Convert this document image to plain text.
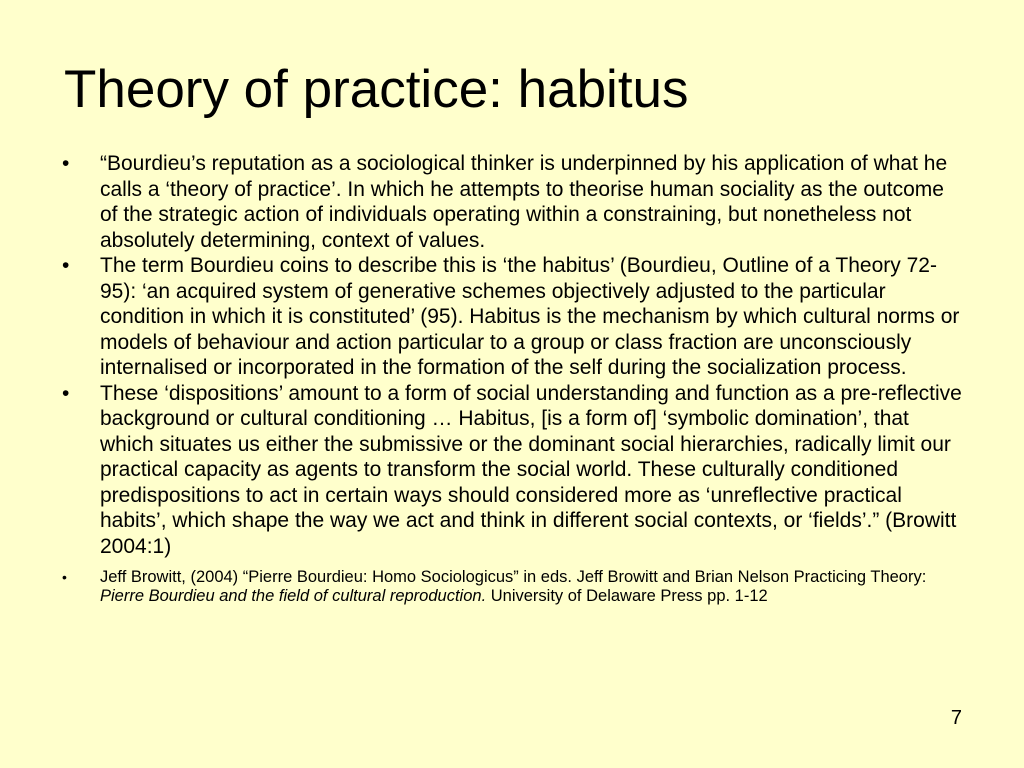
Theory of practice: habitus
• “Bourdieu’s reputation as a sociological thinker is underpinned by his application of what he calls a ‘theory of practice’. In which he attempts to theorise human sociality as the outcome of the strategic action of individuals operating within a constraining, but nonetheless not absolutely determining, context of values.
• The term Bourdieu coins to describe this is ‘the habitus’ (Bourdieu, Outline of a Theory 72-95): ‘an acquired system of generative schemes objectively adjusted to the particular condition in which it is constituted’ (95). Habitus is the mechanism by which cultural norms or models of behaviour and action particular to a group or class fraction are unconsciously internalised or incorporated in the formation of the self during the socialization process.
• These ‘dispositions’ amount to a form of social understanding and function as a pre-reflective background or cultural conditioning … Habitus, [is a form of] ‘symbolic domination’, that which situates us either the submissive or the dominant social hierarchies, radically limit our practical capacity as agents to transform the social world. These culturally conditioned predispositions to act in certain ways should considered more as ‘unreflective practical habits’, which shape the way we act and think in different social contexts, or ‘fields’.” (Browitt 2004:1)
• Jeff Browitt, (2004) “Pierre Bourdieu: Homo Sociologicus” in eds. Jeff Browitt and Brian Nelson Practicing Theory: Pierre Bourdieu and the field of cultural reproduction. University of Delaware Press pp. 1-12
7
